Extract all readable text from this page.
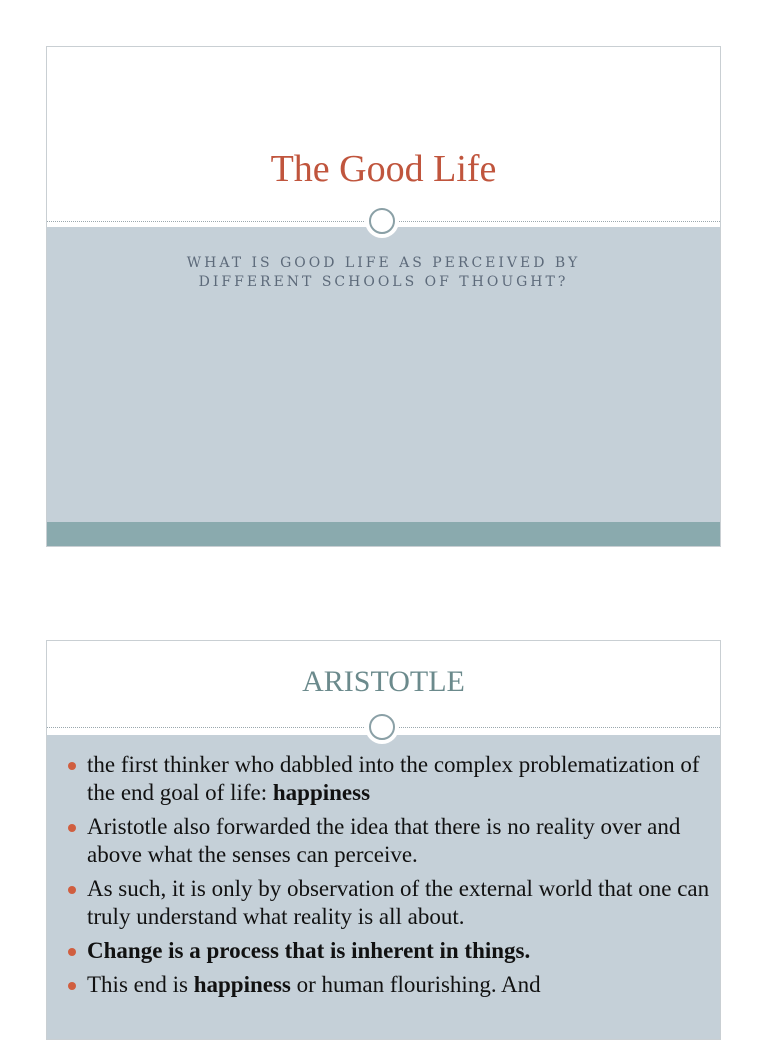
The Good Life
WHAT IS GOOD LIFE AS PERCEIVED BY
DIFFERENT SCHOOLS OF THOUGHT?
ARISTOTLE
the first thinker who dabbled into the complex problematization of the end goal of life: happiness
Aristotle also forwarded the idea that there is no reality over and above what the senses can perceive.
As such, it is only by observation of the external world that one can truly understand what reality is all about.
Change is a process that is inherent in things.
This end is happiness or human flourishing. And
